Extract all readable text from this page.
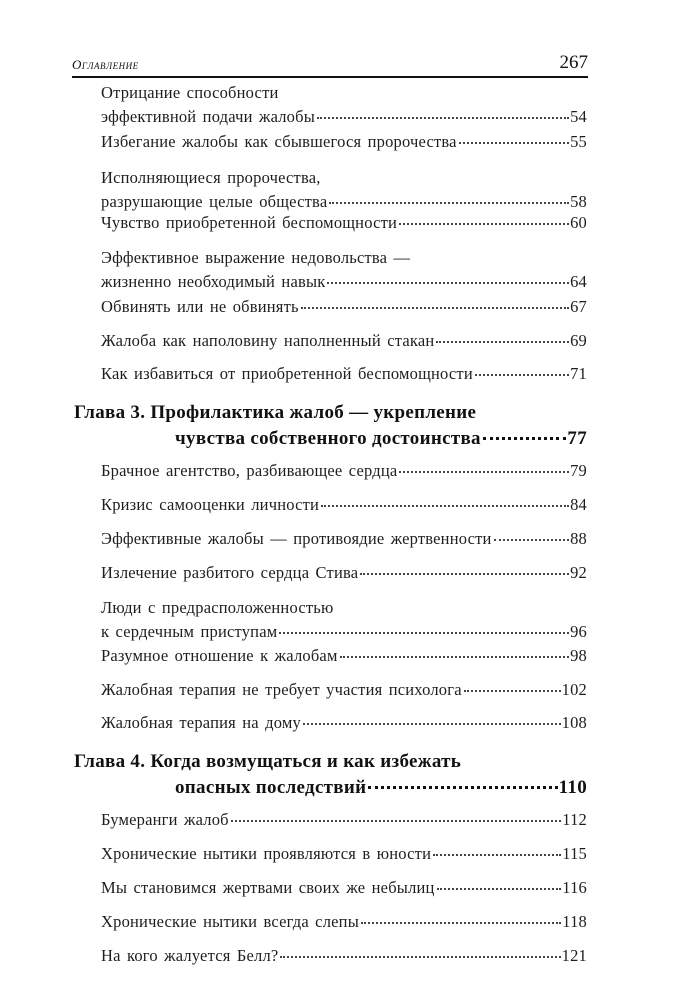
Оглавление	267
Отрицание способности
эффективной подачи жалобы	54
Избегание жалобы как сбывшегося пророчества	55
Исполняющиеся пророчества,
разрушающие целые общества	58
Чувство приобретенной беспомощности	60
Эффективное выражение недовольства —
жизненно необходимый навык	64
Обвинять или не обвинять	67
Жалоба как наполовину наполненный стакан	69
Как избавиться от приобретенной беспомощности	71
Глава 3. Профилактика жалоб — укрепление
чувства собственного достоинства	77
Брачное агентство, разбивающее сердца	79
Кризис самооценки личности	84
Эффективные жалобы — противоядие жертвенности	88
Излечение разбитого сердца Стива	92
Люди с предрасположенностью
к сердечным приступам	96
Разумное отношение к жалобам	98
Жалобная терапия не требует участия психолога	102
Жалобная терапия на дому	108
Глава 4. Когда возмущаться и как избежать
опасных последствий	110
Бумеранги жалоб	112
Хронические нытики проявляются в юности	115
Мы становимся жертвами своих же небылиц	116
Хронические нытики всегда слепы	118
На кого жалуется Белл?	121
